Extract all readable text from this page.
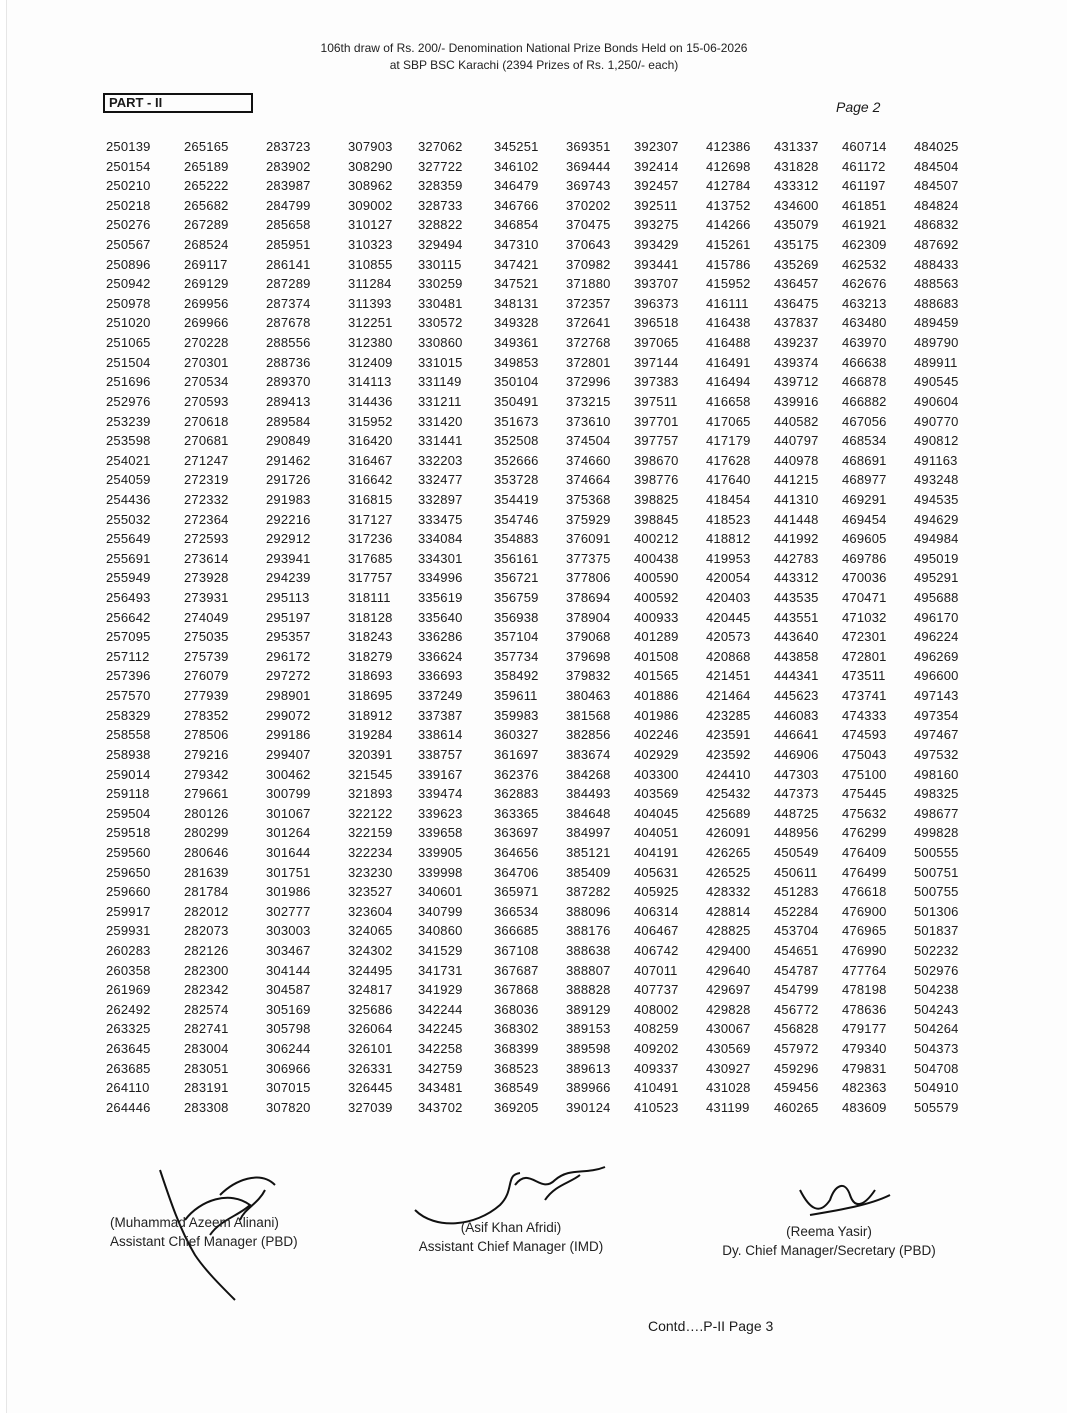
106th draw of Rs. 200/- Denomination National Prize Bonds Held on 15-06-2026
at SBP BSC Karachi (2394 Prizes of Rs. 1,250/- each)
PART - II	Page 2
250139	265165	283723	307903 327062 345251 369351 392307 412386 431337 460714 484025
250154	265189	283902	308290 327722 346102 369444 392414 412698 431828 461172 484504
250210	265222	283987	308962 328359 346479 369743 392457 412784 433312 461197 484507
250218	265682	284799	309002 328733 346766 370202 392511 413752 434600 461851 484824
250276	267289	285658	310127 328822 346854 370475 393275 414266 435079 461921 486832
250567	268524	285951	310323 329494 347310 370643 393429 415261 435175 462309 487692
250896	269117	286141	310855 330115 347421 370982 393441 415786 435269 462532 488433
250942	269129	287289	311284 330259 347521 371880 393707 415952 436457 462676 488563
250978	269956	287374	311393 330481 348131 372357 396373 416111 436475 463213 488683
251020	269966	287678	312251 330572 349328 372641 396518 416438 437837 463480 489459
251065	270228	288556	312380 330860 349361 372768 397065 416488 439237 463970 489790
251504	270301	288736	312409 331015 349853 372801 397144 416491 439374 466638 489911
251696	270534	289370	314113 331149 350104 372996 397383 416494 439712 466878 490545
252976	270593	289413	314436 331211 350491 373215 397511 416658 439916 466882 490604
253239	270618	289584	315952 331420 351673 373610 397701 417065 440582 467056 490770
253598	270681	290849	316420 331441 352508 374504 397757 417179 440797 468534 490812
254021	271247	291462	316467 332203 352666 374660 398670 417628 440978 468691 491163
254059	272319	291726	316642 332477 353728 374664 398776 417640 441215 468977 493248
254436	272332	291983	316815 332897 354419 375368 398825 418454 441310 469291 494535
255032	272364	292216	317127 333475 354746 375929 398845 418523 441448 469454 494629
255649	272593	292912	317236 334084 354883 376091 400212 418812 441992 469605 494984
255691	273614	293941	317685 334301 356161 377375 400438 419953 442783 469786 495019
255949	273928	294239	317757 334996 356721 377806 400590 420054 443312 470036 495291
256493	273931	295113	318111 335619 356759 378694 400592 420403 443535 470471 495688
256642	274049	295197	318128 335640 356938 378904 400933 420445 443551 471032 496170
257095	275035	295357	318243 336286 357104 379068 401289 420573 443640 472301 496224
257112	275739	296172	318279 336624 357734 379698 401508 420868 443858 472801 496269
257396	276079	297272	318693 336693 358492 379832 401565 421451 444341 473511 496600
257570	277939	298901	318695 337249 359611 380463 401886 421464 445623 473741 497143
258329	278352	299072	318912 337387 359983 381568 401986 423285 446083 474333 497354
258558	278506	299186	319284 338614 360327 382856 402246 423591 446641 474593 497467
258938	279216	299407	320391 338757 361697 383674 402929 423592 446906 475043 497532
259014	279342	300462	321545 339167 362376 384268 403300 424410 447303 475100 498160
259118	279661	300799	321893 339474 362883 384493 403569 425432 447373 475445 498325
259504	280126	301067	322122 339623 363365 384648 404045 425689 448725 475632 498677
259518	280299	301264	322159 339658 363697 384997 404051 426091 448956 476299 499828
259560	280646	301644	322234 339905 364656 385121 404191 426265 450549 476409 500555
259650	281639	301751	323230 339998 364706 385409 405631 426525 450611 476499 500751
259660	281784	301986	323527 340601 365971 387282 405925 428332 451283 476618 500755
259917	282012	302777	323604 340799 366534 388096 406314 428814 452284 476900 501306
259931	282073	303003	324065 340860 366685 388176 406467 428825 453704 476965 501837
260283	282126	303467	324302 341529 367108 388638 406742 429400 454651 476990 502232
260358	282300	304144	324495 341731 367687 388807 407011 429640 454787 477764 502976
261969	282342	304587	324817 341929 367868 388828 407737 429697 454799 478198 504238
262492	282574	305169	325686 342244 368036 389129 408002 429828 456772 478636 504243
263325	282741	305798	326064 342245 368302 389153 408259 430067 456828 479177 504264
263645	283004	306244	326101 342258 368399 389598 409202 430569 457972 479340 504373
263685	283051	306966	326331 342759 368523 389613 409337 430927 459296 479831 504708
264110	283191	307015	326445 343481 368549 389966 410491 431028 459456 482363 504910
264446	283308	307820	327039 343702 369205 390124 410523 431199 460265 483609 505579
(Muhammad Azeem Alinani)
Assistant Chief Manager (PBD)
(Asif Khan Afridi)
Assistant Chief Manager (IMD)
(Reema Yasir)
Dy. Chief Manager/Secretary (PBD)
Contd….P-II Page 3
